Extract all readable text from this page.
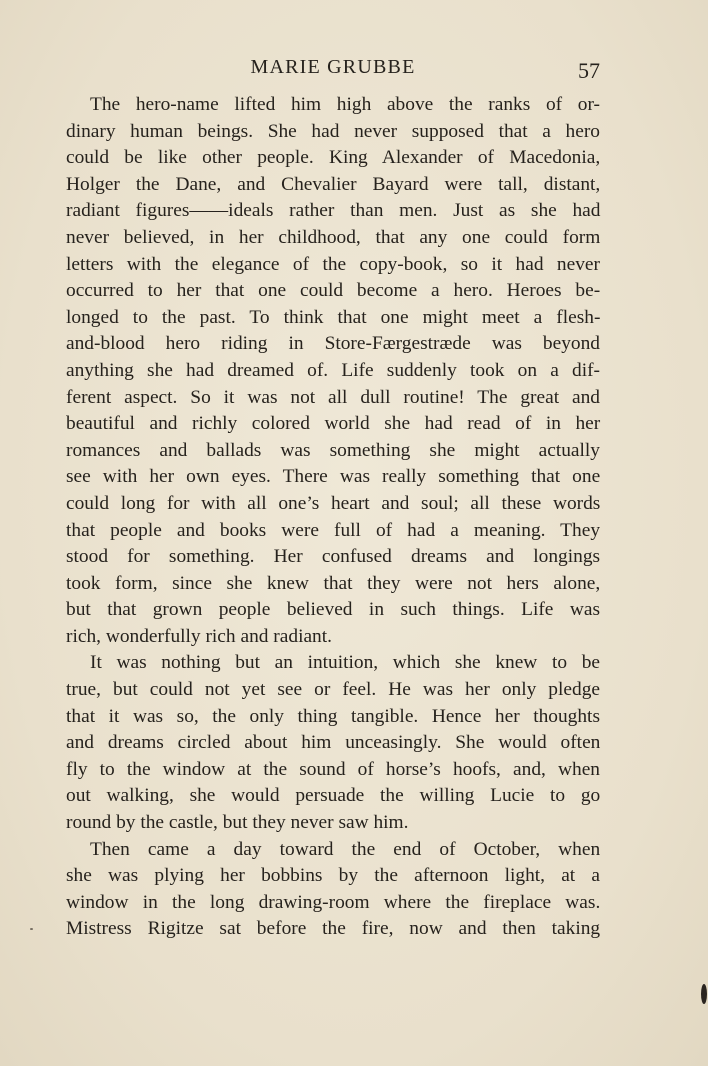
MARIE GRUBBE	57

The hero-name lifted him high above the ranks of or-
dinary human beings. She had never supposed that a hero
could be like other people. King Alexander of Macedonia,
Holger the Dane, and Chevalier Bayard were tall, distant,
radiant figures——ideals rather than men. Just as she had
never believed, in her childhood, that any one could form
letters with the elegance of the copy-book, so it had never
occurred to her that one could become a hero. Heroes be-
longed to the past. To think that one might meet a flesh-
and-blood hero riding in Store-Færgestræde was beyond
anything she had dreamed of. Life suddenly took on a dif-
ferent aspect. So it was not all dull routine! The great and
beautiful and richly colored world she had read of in her
romances and ballads was something she might actually
see with her own eyes. There was really something that one
could long for with all one’s heart and soul; all these words
that people and books were full of had a meaning. They
stood for something. Her confused dreams and longings
took form, since she knew that they were not hers alone,
but that grown people believed in such things. Life was
rich, wonderfully rich and radiant.

It was nothing but an intuition, which she knew to be
true, but could not yet see or feel. He was her only pledge
that it was so, the only thing tangible. Hence her thoughts
and dreams circled about him unceasingly. She would often
fly to the window at the sound of horse’s hoofs, and, when
out walking, she would persuade the willing Lucie to go
round by the castle, but they never saw him.

Then came a day toward the end of October, when
she was plying her bobbins by the afternoon light, at a
window in the long drawing-room where the fireplace was.
Mistress Rigitze sat before the fire, now and then taking
